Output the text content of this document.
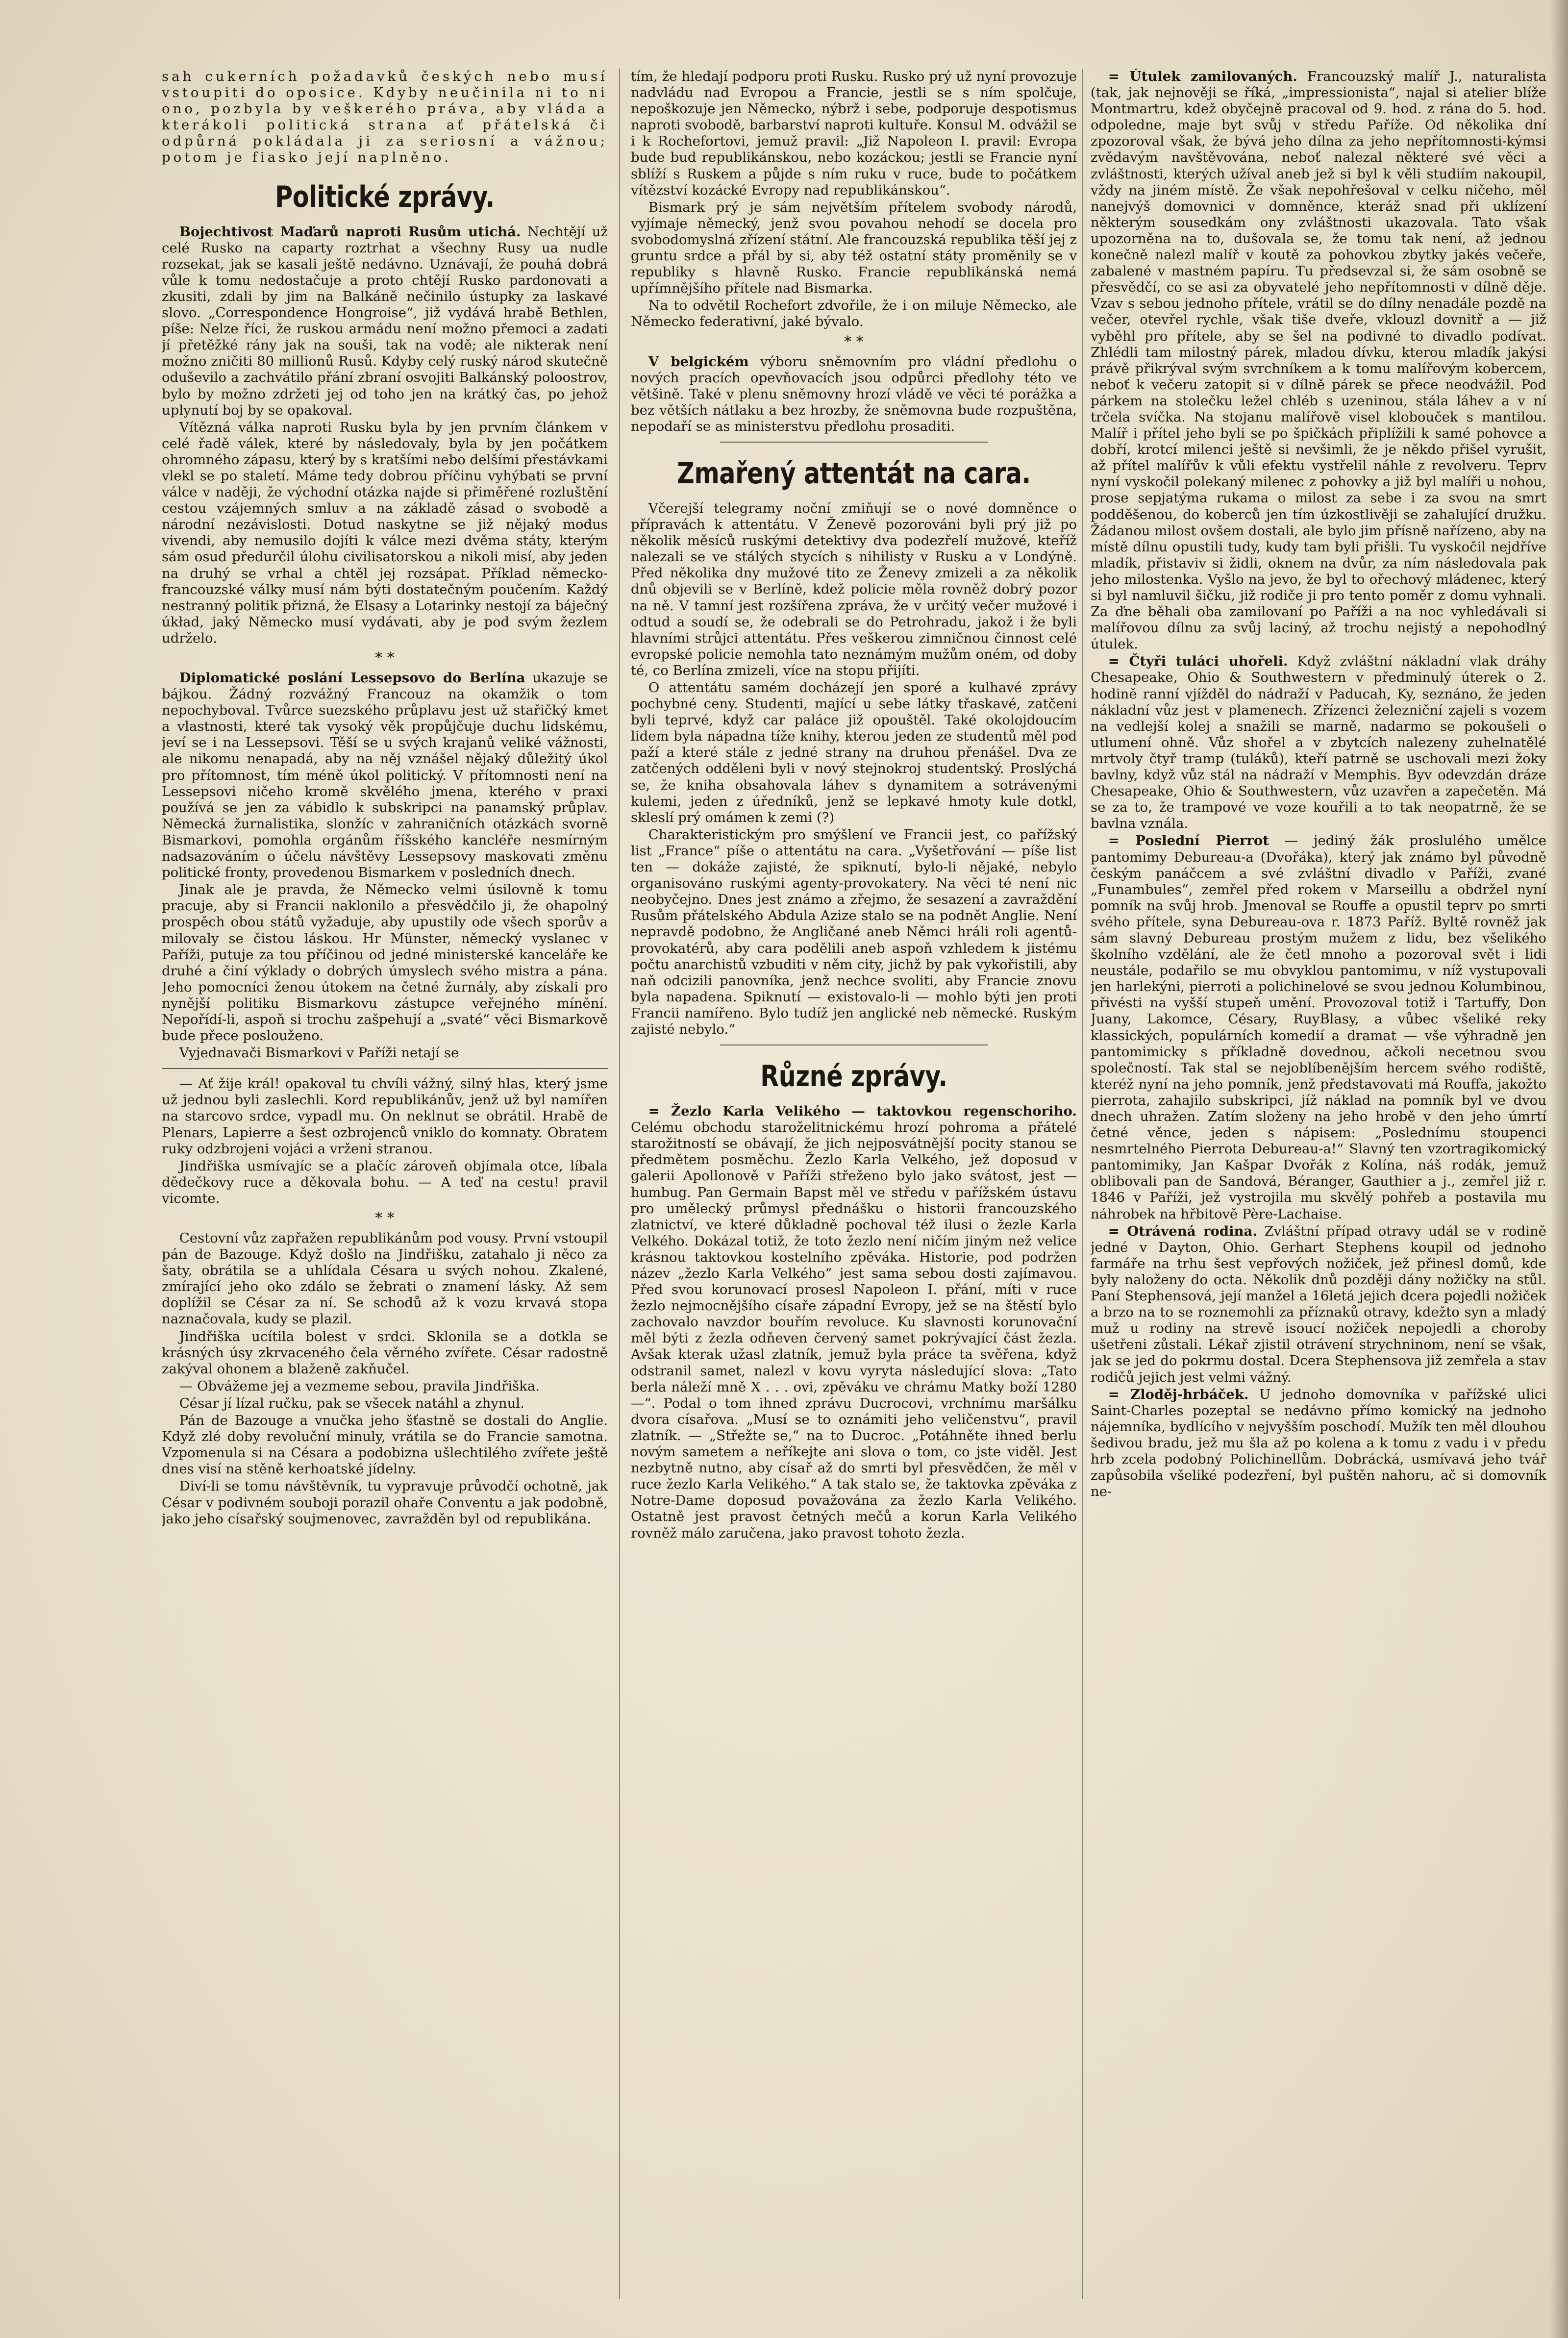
sah cukerních požadavků českých nebo musí vstoupiti do oposice. Kdyby neučinila ni to ni ono, pozbyla by veškerého práva, aby vláda a kterákoli politická strana ať přátelská či odpůrná pokládala ji za seriosní a vážnou; potom je fiasko její naplněno.

Politické zprávy.

Bojechtivost Maďarů naproti Rusům utichá. Nechtějí už celé Rusko na caparty roztrhat a všechny Rusy ua nudle rozsekat, jak se kasali ještě nedávno. Uznávají, že pouhá dobrá vůle k tomu nedostačuje a proto chtějí Rusko pardonovati a zkusiti, zdali by jim na Balkáně nečinilo ústupky za laskavé slovo. „Correspondence Hongroise“, již vydává hrabě Bethlen, píše: Nelze říci, že ruskou armádu není možno přemoci a zadati jí přetěžké rány jak na souši, tak na vodě; ale nikterak není možno zničiti 80 millionů Rusů. Kdyby celý ruský národ skutečně oduševilo a zachvátilo přání zbraní osvojiti Balkánský poloostrov, bylo by možno zdržeti jej od toho jen na krátký čas, po jehož uplynutí boj by se opakoval.

Vítězná válka naproti Rusku byla by jen prvním článkem v celé řadě válek, které by následovaly, byla by jen počátkem ohromného zápasu, který by s kratšími nebo delšími přestávkami vlekl se po staletí. Máme tedy dobrou příčinu vyhýbati se první válce v naději, že východní otázka najde si přiměřené rozluštění cestou vzájemných smluv a na základě zásad o svobodě a národní nezávislosti. Dotud naskytne se již nějaký modus vivendi, aby nemusilo dojíti k válce mezi dvěma státy, kterým sám osud předurčil úlohu civilisatorskou a nikoli misí, aby jeden na druhý se vrhal a chtěl jej rozsápat. Příklad německo-francouzské války musí nám býti dostatečným poučením. Každý nestranný politik přizná, že Elsasy a Lotarinky nestojí za báječný úkład, jaký Německo musí vydávati, aby je pod svým žezlem udrželo.

* *

Diplomatické poslání Lessepsovo do Berlína ukazuje se bájkou. Žádný rozvážný Francouz na okamžik o tom nepochyboval. Tvůrce suezského průplavu jest už stařičký kmet a vlastnosti, které tak vysoký věk propůjčuje duchu lidskému, jeví se i na Lessepsovi. Těší se u svých krajanů veliké vážnosti, ale nikomu nenapadá, aby na něj vznášel nějaký důležitý úkol pro přítomnost, tím méně úkol politický. V přítomnosti není na Lessepsovi ničeho kromě skvělého jmena, kterého v praxi používá se jen za vábidlo k subskripci na panamský průplav. Německá žurnalistika, slonžíc v zahraničních otázkách svorně Bismarkovi, pomohla orgánům říšského kancléře nesmírným nadsazováním o účelu návštěvy Lessepsovy maskovati změnu politické fronty, provedenou Bismarkem v posledních dnech.

Jinak ale je pravda, že Německo velmi úsilovně k tomu pracuje, aby si Francii naklonilo a přesvědčilo ji, že ohapolný prospěch obou států vyžaduje, aby upustily ode všech sporův a milovaly se čistou láskou. Hr Münster, německý vyslanec v Paříži, putuje za tou příčinou od jedné ministerské kanceláře ke druhé a činí výklady o dobrých úmyslech svého mistra a pána. Jeho pomocníci ženou útokem na četné žurnály, aby získali pro nynější politiku Bismarkovu zástupce veřejného mínění. Nepořídí-li, aspoň si trochu zašpehují a „svaté“ věci Bismarkově bude přece poslouženo.

Vyjednavači Bismarkovi v Paříži netají se

— Ať žije král! opakoval tu chvíli vážný, silný hlas, který jsme už jednou byli zaslechli. Kord republikánův, jenž už byl namířen na starcovo srdce, vypadl mu. On neklnut se obrátil. Hrabě de Plenars, Lapierre a šest ozbrojenců vniklo do komnaty. Obratem ruky odzbrojeni vojáci a vrženi stranou.

Jindřiška usmívajíc se a plačíc zároveň objímala otce, líbala dědečkovy ruce a děkovala bohu. — A teď na cestu! pravil vicomte.

* *

Cestovní vůz zapřažen republikánům pod vousy. První vstoupil pán de Bazouge. Když došlo na Jindřišku, zatahalo ji něco za šaty, obrátila se a uhlídala Césara u svých nohou. Zkalené, zmírající jeho oko zdálo se žebrati o znamení lásky. Až sem doplížil se César za ní. Se schodů až k vozu krvavá stopa naznačovala, kudy se plazil.

Jindřiška ucítila bolest v srdci. Sklonila se a dotkla se krásných úsy zkrvaceného čela věrného zvířete. César radostně zakýval ohonem a blaženě zakňučel.

— Obvážeme jej a vezmeme sebou, pravila Jindřiška.

César jí lízal ručku, pak se všecek natáhl a zhynul.

Pán de Bazouge a vnučka jeho šťastně se dostali do Anglie. Když zlé doby revoluční minuly, vrátila se do Francie samotna. Vzpomenula si na Césara a podobizna ušlechtilého zvířete ještě dnes visí na stěně kerhoatské jídelny.

Diví-li se tomu návštěvník, tu vypravuje průvodčí ochotně, jak César v podivném souboji porazil ohaře Conventu a jak podobně, jako jeho císařský soujmenovec, zavražděn byl od republikána.

tím, že hledají podporu proti Rusku. Rusko prý už nyní provozuje nadvládu nad Evropou a Francie, jestli se s ním spolčuje, nepoškozuje jen Německo, nýbrž i sebe, podporuje despotismus naproti svobodě, barbarství naproti kultuře. Konsul M. odvážil se i k Rochefortovi, jemuž pravil: „Již Napoleon I. pravil: Evropa bude bud republikánskou, nebo kozáckou; jestli se Francie nyní sblíží s Ruskem a půjde s ním ruku v ruce, bude to počátkem vítězství kozácké Evropy nad republikánskou“.

Bismark prý je sám největším přítelem svobody národů, vyjímaje německý, jenž svou povahou nehodí se docela pro svobodomyslná zřízení státní. Ale francouzská republika těší jej z gruntu srdce a přál by si, aby též ostatní státy proměnily se v republiky s hlavně Rusko. Francie republikánská nemá upřímnějšího přítele nad Bismarka.

Na to odvětil Rochefort zdvořile, že i on miluje Německo, ale Německo federativní, jaké bývalo.

* *

V belgickém výboru sněmovním pro vládní předlohu o nových pracích opevňovacích jsou odpůrci předlohy této ve většině. Také v plenu sněmovny hrozí vládě ve věci té porážka a bez větších nátlaku a bez hrozby, že sněmovna bude rozpuštěna, nepodaří se as ministerstvu předlohu prosaditi.

Zmařený attentát na cara.

Včerejší telegramy noční zmiňují se o nové domněnce o přípravách k attentátu. V Ženevě pozorováni byli prý již po několik měsíců ruskými detektivy dva podezřelí mužové, kteříž nalezali se ve stálých stycích s nihilisty v Rusku a v Londýně. Před několika dny mužové tito ze Ženevy zmizeli a za několik dnů objevili se v Berlíně, kdež policie měla rovněž dobrý pozor na ně. V tamní jest rozšířena zpráva, že v určitý večer mužové i odtud a soudí se, že odebrali se do Petrohradu, jakož i že byli hlavními strůjci attentátu. Přes veškerou zimničnou činnost celé evropské policie nemohla tato neznámým mužům oném, od doby té, co Berlína zmizeli, více na stopu přijíti.

O attentátu samém docházejí jen sporé a kulhavé zprávy pochybné ceny. Studenti, mající u sebe látky třaskavé, zatčeni byli teprvé, když car paláce již opouštěl. Také okolojdoucím lidem byla nápadna tíže knihy, kterou jeden ze studentů měl pod paží a které stále z jedné strany na druhou přenášel. Dva ze zatčených odděleni byli v nový stejnokroj studentský. Proslýchá se, že kniha obsahovala láhev s dynamitem a sotrávenými kulemi, jeden z úředníků, jenž se lepkavé hmoty kule dotkl, skleslí prý omámen k zemi (?)

Charakteristickým pro smýšlení ve Francii jest, co pařížský list „France“ píše o attentátu na cara. „Vyšetřování — píše list ten — dokáže zajisté, že spiknutí, bylo-li nějaké, nebylo organisováno ruskými agenty-provokatery. Na věci té není nic neobyčejno. Dnes jest známo a zřejmo, že sesazení a zavraždění Rusům přátelského Abdula Azize stalo se na podnět Anglie. Není nepravdě podobno, že Angličané aneb Němci hráli roli agentů-provokatérů, aby cara podělili aneb aspoň vzhledem k jistému počtu anarchistů vzbuditi v něm city, jichž by pak vykořistili, aby naň odcizili panovníka, jenž nechce svoliti, aby Francie znovu byla napadena. Spiknutí — existovalo-li — mohlo býti jen proti Francii namířeno. Bylo tudíž jen anglické neb německé. Ruským zajisté nebylo.“

Různé zprávy.

= Žezlo Karla Velikého — taktovkou regenschoriho. Celému obchodu staroželitnickému hrozí pohroma a přátelé starožitností se obávají, že jich nejposvátnější pocity stanou se předmětem posměchu. Žezlo Karla Velkého, jež doposud v galerii Apollonově v Paříži střeženo bylo jako svátost, jest — humbug. Pan Germain Bapst měl ve středu v pařížském ústavu pro umělecký průmysl přednášku o historii francouzského zlatnictví, ve které důkladně pochoval též ilusi o žezle Karla Velkého. Dokázal totiž, že toto žezlo není ničím jiným než velice krásnou taktovkou kostelního zpěváka. Historie, pod podržen název „žezlo Karla Velkého“ jest sama sebou dosti zajímavou. Před svou korunovací prosesl Napoleon I. přání, míti v ruce žezlo nejmocnějšího císaře západní Evropy, jež se na štěstí bylo zachovalo navzdor bouřím revoluce. Ku slavnosti korunovační měl býti z žezla odňeven červený samet pokrývající část žezla. Avšak kterak užasl zlatník, jemuž byla práce ta svěřena, když odstranil samet, nalezl v kovu vyryta následující slova: „Tato berla náleží mně X . . . ovi, zpěváku ve chrámu Matky boží 1280 —“. Podal o tom ihned zprávu Ducrocovi, vrchnímu maršálku dvora císařova. „Musí se to oznámiti jeho veličenstvu“, pravil zlatník. — „Střežte se,“ na to Ducroc. „Potáhněte ihned berlu novým sametem a neříkejte ani slova o tom, co jste viděl. Jest nezbytně nutno, aby císař až do smrti byl přesvědčen, že měl v ruce žezlo Karla Velikého.“ A tak stalo se, že taktovka zpěváka z Notre-Dame doposud považována za žezlo Karla Velikého. Ostatně jest pravost četných mečů a korun Karla Velikého rovněž málo zaručena, jako pravost tohoto žezla.

= Útulek zamilovaných. Francouzský malíř J., naturalista (tak, jak nejnověji se říká, „impressionista“, najal si atelier blíže Montmartru, kdež obyčejně pracoval od 9. hod. z rána do 5. hod. odpoledne, maje byt svůj v středu Paříže. Od několika dní zpozoroval však, že bývá jeho dílna za jeho nepřítomnosti-kýmsi zvědavým navštěvována, neboť nalezal některé své věci a zvláštnosti, kterých užíval aneb jež si byl k věli studiím nakoupil, vždy na jiném místě. Že však nepohřešoval v celku ničeho, měl nanejvýš domovnici v domněnce, kteráž snad při uklízení některým sousedkám ony zvláštnosti ukazovala. Tato však upozorněna na to, dušovala se, že tomu tak není, až jednou konečně nalezl malíř v koutě za pohovkou zbytky jakés večeře, zabalené v mastném papíru. Tu předsevzal si, že sám osobně se přesvědčí, co se asi za obyvatelé jeho nepřítomnosti v dílně děje. Vzav s sebou jednoho přítele, vrátil se do dílny nenadále pozdě na večer, otevřel rychle, však tiše dveře, vklouzl dovnitř a — již vyběhl pro přítele, aby se šel na podivné to divadlo podívat. Zhlédli tam milostný párek, mladou dívku, kterou mladík jakýsi právě přikrýval svým svrchníkem a k tomu malířovým kobercem, neboť k večeru zatopit si v dílně párek se přece neodvážil. Pod párkem na stolečku ležel chléb s uzeninou, stála láhev a v ní trčela svíčka. Na stojanu malířově visel klobouček s mantilou. Malíř i přítel jeho byli se po špičkách připlížili k samé pohovce a dobří, krotcí milenci ještě si nevšimli, že je někdo přišel vyrušit, až přítel malířův k vůli efektu vystřelil náhle z revolveru. Teprv nyní vyskočil polekaný milenec z pohovky a již byl malíři u nohou, prose sepjatýma rukama o milost za sebe i za svou na smrt podděšenou, do koberců jen tím úzkostlivěji se zahalující družku. Žádanou milost ovšem dostali, ale bylo jim přísně nařízeno, aby na místě dílnu opustili tudy, kudy tam byli přišli. Tu vyskočil nejdříve mladík, přistaviv si židli, oknem na dvůr, za ním následovala pak jeho milostenka. Vyšlo na jevo, že byl to ořechový mládenec, který si byl namluvil šičku, již rodiče ji pro tento poměr z domu vyhnali. Za ďne běhali oba zamilovaní po Paříži a na noc vyhledávali si malířovou dílnu za svůj laciný, až trochu nejistý a nepohodlný útulek.

= Čtyři tuláci uhořeli. Když zvláštní nákladní vlak dráhy Chesapeake, Ohio & Southwestern v předminulý úterek o 2. hodině ranní vjížděl do nádraží v Paducah, Ky, seznáno, že jeden nákladní vůz jest v plamenech. Zřízenci železniční zajeli s vozem na vedlejší kolej a snažili se marně, nadarmo se pokoušeli o utlumení ohně. Vůz shořel a v zbytcích nalezeny zuhelnatělé mrtvoly čtyř tramp (tuláků), kteří patrně se uschovali mezi žoky bavlny, když vůz stál na nádraží v Memphis. Byv odevzdán dráze Chesapeake, Ohio & Southwestern, vůz uzavřen a zapečetěn. Má se za to, že trampové ve voze kouřili a to tak neopatrně, že se bavlna vznála.

= Poslední Pierrot — jediný žák proslulého umělce pantomimy Debureau-a (Dvořáka), který jak známo byl původně českým panáčcem a své zvláštní divadlo v Paříži, zvané „Funambules“, zemřel před rokem v Marseillu a obdržel nyní pomník na svůj hrob. Jmenoval se Rouffe a opustil teprv po smrti svého přítele, syna Debureau-ova r. 1873 Paříž. Byltě rovněž jak sám slavný Debureau prostým mužem z lidu, bez všelikého školního vzdělání, ale že četl mnoho a pozoroval svět i lidi neustále, podařilo se mu obvyklou pantomimu, v níž vystupovali jen harlekýni, pierroti a polichinelové se svou jednou Kolumbinou, přivésti na vyšší stupeň umění. Provozoval totiž i Tartuffy, Don Juany, Lakomce, Césary, RuyBlasy, a vůbec všeliké reky klassických, populárních komedií a dramat — vše výhradně jen pantomimicky s příkladně dovednou, ačkoli necetnou svou společností. Tak stal se nejoblíbenějším hercem svého rodiště, kteréž nyní na jeho pomník, jenž představovati má Rouffa, jakožto pierrota, zahajilo subskripci, jíž náklad na pomník byl ve dvou dnech uhražen. Zatím složeny na jeho hrobě v den jeho úmrtí četné věnce, jeden s nápisem: „Poslednímu stoupenci nesmrtelného Pierrota Debureau-a!“ Slavný ten vzortragikomický pantomimiky, Jan Kašpar Dvořák z Kolína, náš rodák, jemuž oblibovali pan de Sandová, Béranger, Gauthier a j., zemřel již r. 1846 v Paříži, jež vystrojila mu skvělý pohřeb a postavila mu náhrobek na hřbitově Père-Lachaise.

= Otrávená rodina. Zvláštní případ otravy udál se v rodině jedné v Dayton, Ohio. Gerhart Stephens koupil od jednoho farmáře na trhu šest vepřových nožiček, jež přinesl domů, kde byly naloženy do octa. Několik dnů později dány nožičky na stůl. Paní Stephensová, její manžel a 16letá jejich dcera pojedli nožiček a brzo na to se roznemohli za příznaků otravy, kdežto syn a mladý muž u rodiny na strevě isoucí nožiček nepojedli a choroby ušetřeni zůstali. Lékař zjistil otrávení strychninom, není se však, jak se jed do pokrmu dostal. Dcera Stephensova již zemřela a stav rodičů jejich jest velmi vážný.

= Zloděj-hrbáček. U jednoho domovníka v pařížské ulici Saint-Charles pozeptal se nedávno přímo komický na jednoho nájemníka, bydlícího v nejvyšším poschodí. Mužík ten měl dlouhou šedivou bradu, jež mu šla až po kolena a k tomu z vadu i v předu hrb zcela podobný Polichinellům. Dobrácká, usmívavá jeho tvář zapůsobila všeliké podezření, byl puštěn nahoru, ač si domovník ne-
